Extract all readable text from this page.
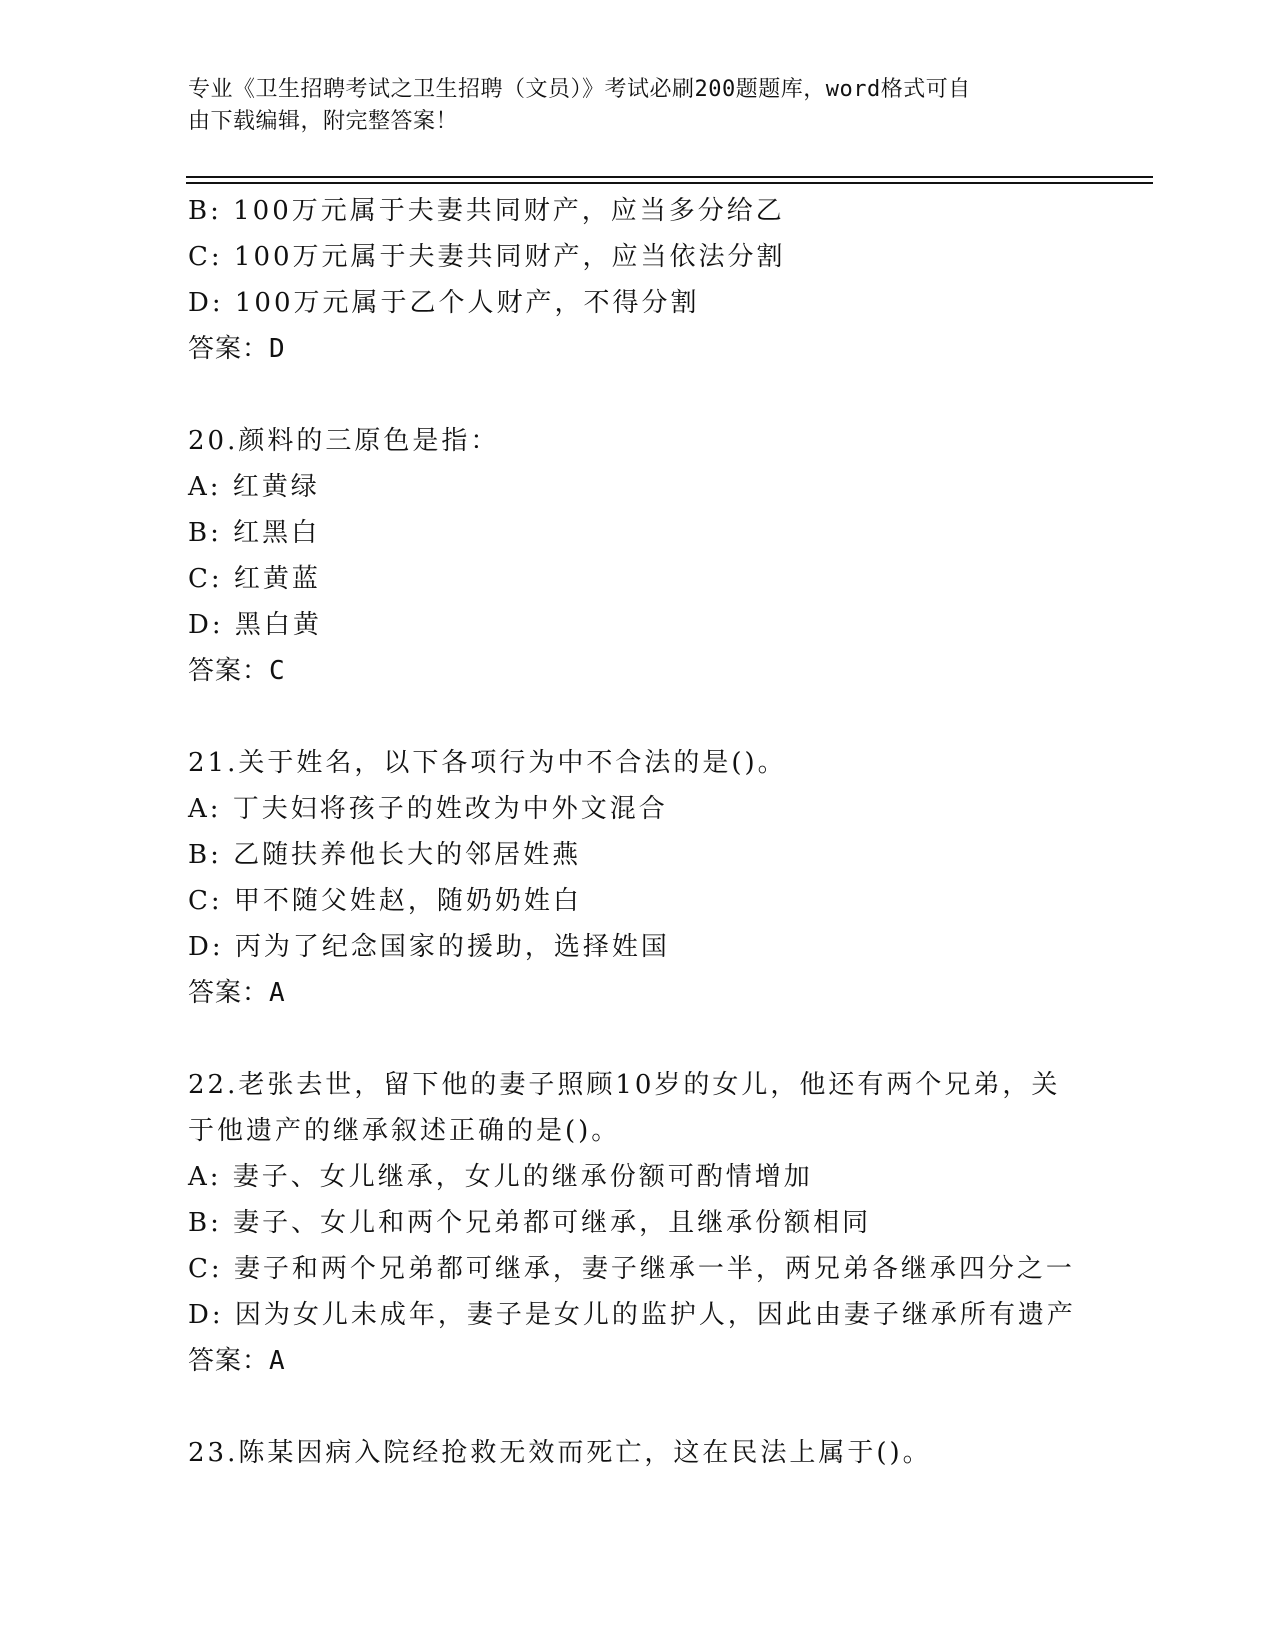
专业《卫生招聘考试之卫生招聘（文员）》考试必刷200题题库，word格式可自
由下载编辑，附完整答案！
B: 100万元属于夫妻共同财产，应当多分给乙
C: 100万元属于夫妻共同财产，应当依法分割
D: 100万元属于乙个人财产，不得分割
答案：D
20.颜料的三原色是指：
A: 红黄绿
B: 红黑白
C: 红黄蓝
D: 黑白黄
答案：C
21.关于姓名，以下各项行为中不合法的是()。
A: 丁夫妇将孩子的姓改为中外文混合
B: 乙随扶养他长大的邻居姓燕
C: 甲不随父姓赵，随奶奶姓白
D: 丙为了纪念国家的援助，选择姓国
答案：A
22.老张去世，留下他的妻子照顾10岁的女儿，他还有两个兄弟，关
于他遗产的继承叙述正确的是()。
A: 妻子、女儿继承，女儿的继承份额可酌情增加
B: 妻子、女儿和两个兄弟都可继承，且继承份额相同
C: 妻子和两个兄弟都可继承，妻子继承一半，两兄弟各继承四分之一
D: 因为女儿未成年，妻子是女儿的监护人，因此由妻子继承所有遗产
答案：A
23.陈某因病入院经抢救无效而死亡，这在民法上属于()。
